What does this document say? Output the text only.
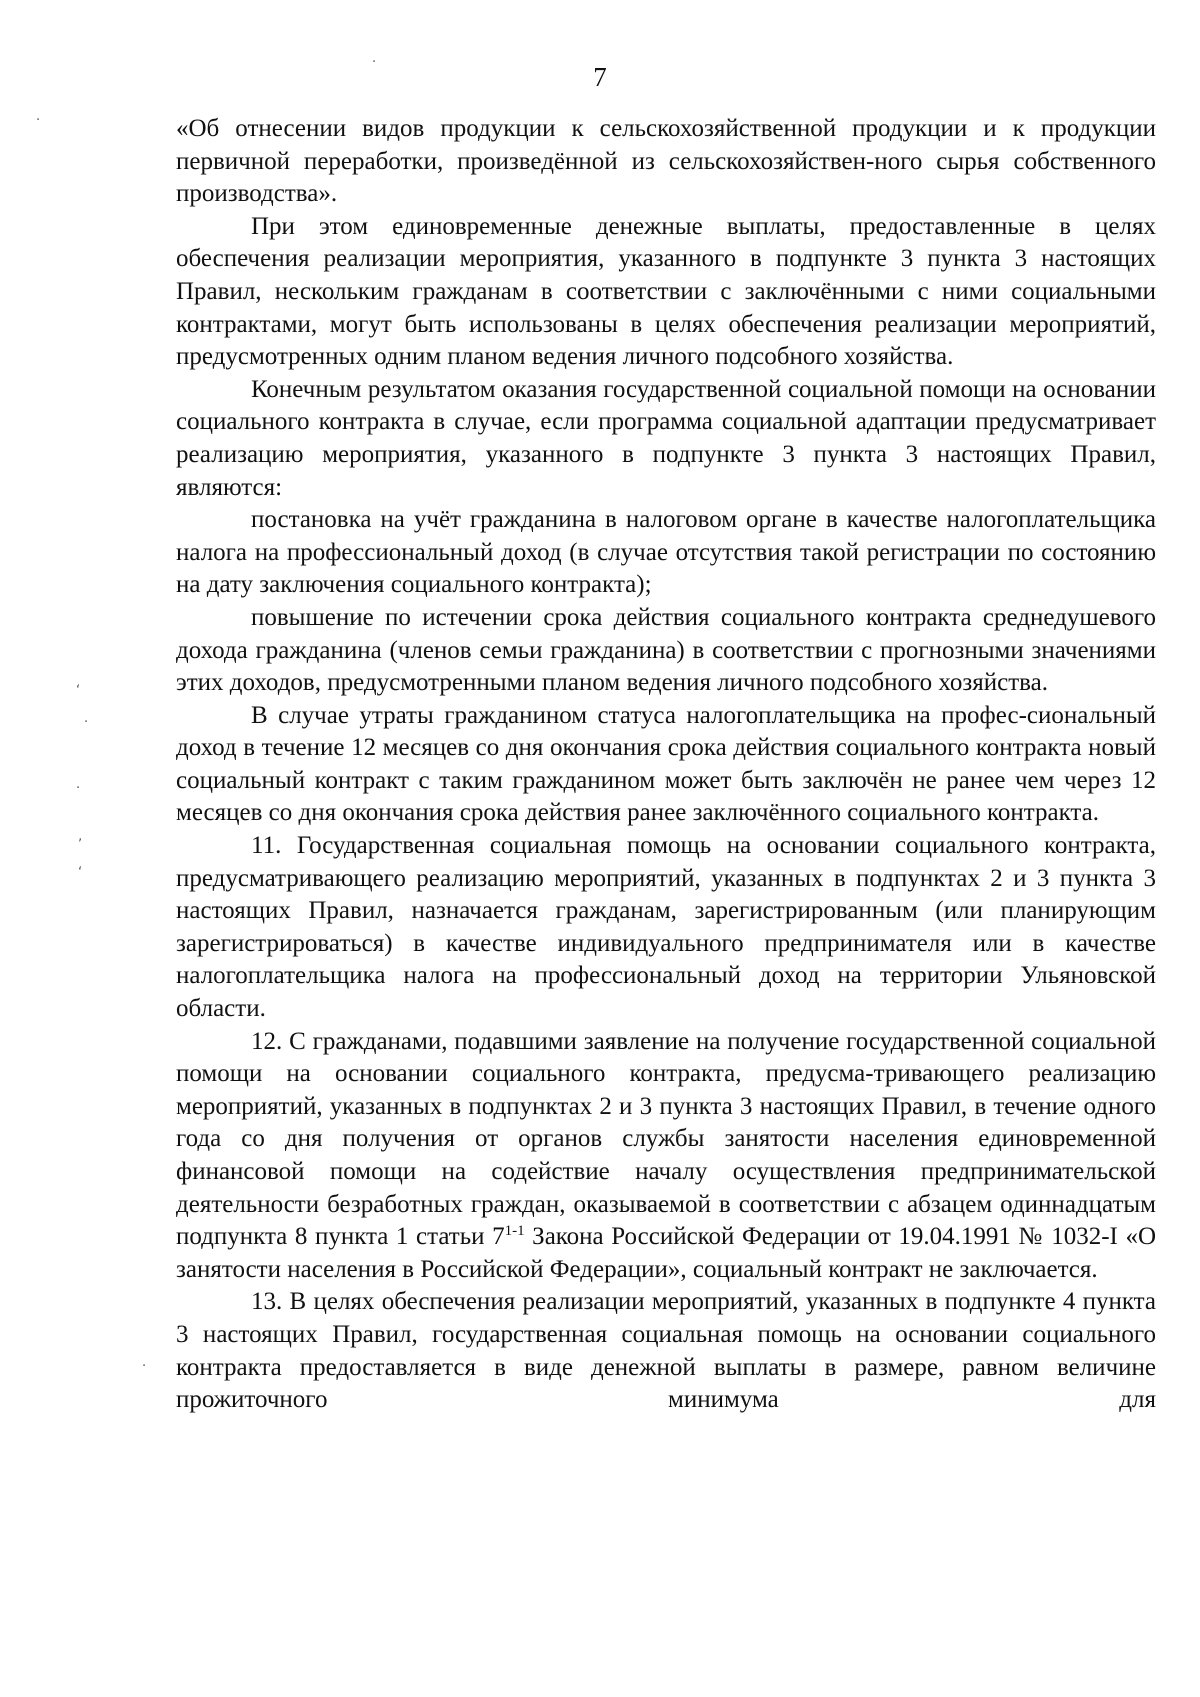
7

«Об отнесении видов продукции к сельскохозяйственной продукции и к продукции первичной переработки, произведённой из сельскохозяйствен-ного сырья собственного производства».

При этом единовременные денежные выплаты, предоставленные в целях обеспечения реализации мероприятия, указанного в подпункте 3 пункта 3 настоящих Правил, нескольким гражданам в соответствии с заключёнными с ними социальными контрактами, могут быть использованы в целях обеспечения реализации мероприятий, предусмотренных одним планом ведения личного подсобного хозяйства.

Конечным результатом оказания государственной социальной помощи на основании социального контракта в случае, если программа социальной адаптации предусматривает реализацию мероприятия, указанного в подпункте 3 пункта 3 настоящих Правил, являются:

постановка на учёт гражданина в налоговом органе в качестве налогоплательщика налога на профессиональный доход (в случае отсутствия такой регистрации по состоянию на дату заключения социального контракта);

повышение по истечении срока действия социального контракта среднедушевого дохода гражданина (членов семьи гражданина) в соответствии с прогнозными значениями этих доходов, предусмотренными планом ведения личного подсобного хозяйства.

В случае утраты гражданином статуса налогоплательщика на профес-сиональный доход в течение 12 месяцев со дня окончания срока действия социального контракта новый социальный контракт с таким гражданином может быть заключён не ранее чем через 12 месяцев со дня окончания срока действия ранее заключённого социального контракта.

11. Государственная социальная помощь на основании социального контракта, предусматривающего реализацию мероприятий, указанных в подпунктах 2 и 3 пункта 3 настоящих Правил, назначается гражданам, зарегистрированным (или планирующим зарегистрироваться) в качестве индивидуального предпринимателя или в качестве налогоплательщика налога на профессиональный доход на территории Ульяновской области.

12. С гражданами, подавшими заявление на получение государственной социальной помощи на основании социального контракта, предусма-тривающего реализацию мероприятий, указанных в подпунктах 2 и 3 пункта 3 настоящих Правил, в течение одного года со дня получения от органов службы занятости населения единовременной финансовой помощи на содействие началу осуществления предпринимательской деятельности безработных граждан, оказываемой в соответствии с абзацем одиннадцатым подпункта 8 пункта 1 статьи 7$^{1-1}$ Закона Российской Федерации от 19.04.1991 № 1032-I «О занятости населения в Российской Федерации», социальный контракт не заключается.

13. В целях обеспечения реализации мероприятий, указанных в подпункте 4 пункта 3 настоящих Правил, государственная социальная помощь на основании социального контракта предоставляется в виде денежной выплаты в размере, равном величине прожиточного минимума для

·
ʻ
·
·
ʼ
ʻ
·
·
